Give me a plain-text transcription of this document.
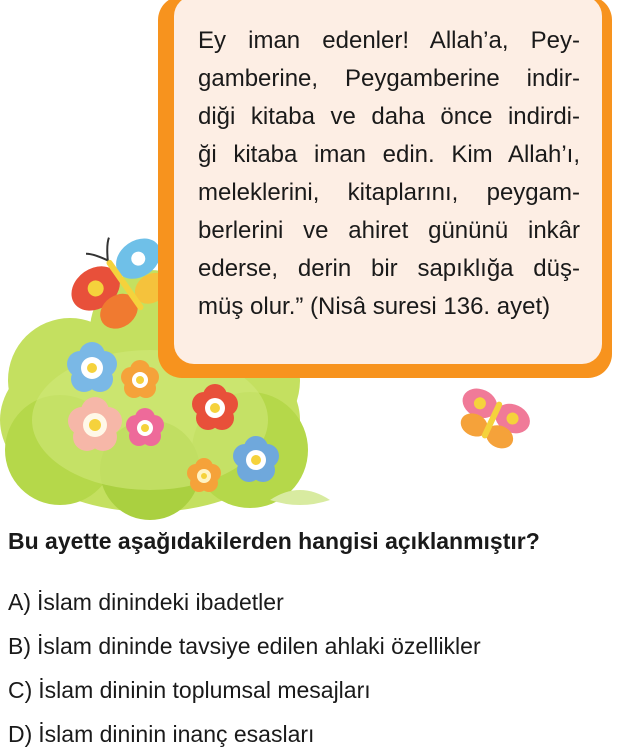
Ey iman edenler! Allah’a, Pey-
gamberine, Peygamberine indir-
diği kitaba ve daha önce indirdi-
ği kitaba iman edin. Kim Allah’ı,
meleklerini, kitaplarını, peygam-
berlerini ve ahiret gününü inkâr
ederse, derin bir sapıklığa düş-
müş olur.” (Nisâ suresi 136. ayet)

Bu ayette aşağıdakilerden hangisi açıklanmıştır?

A) İslam dinindeki ibadetler
B) İslam dininde tavsiye edilen ahlaki özellikler
C) İslam dininin toplumsal mesajları
D) İslam dininin inanç esasları
